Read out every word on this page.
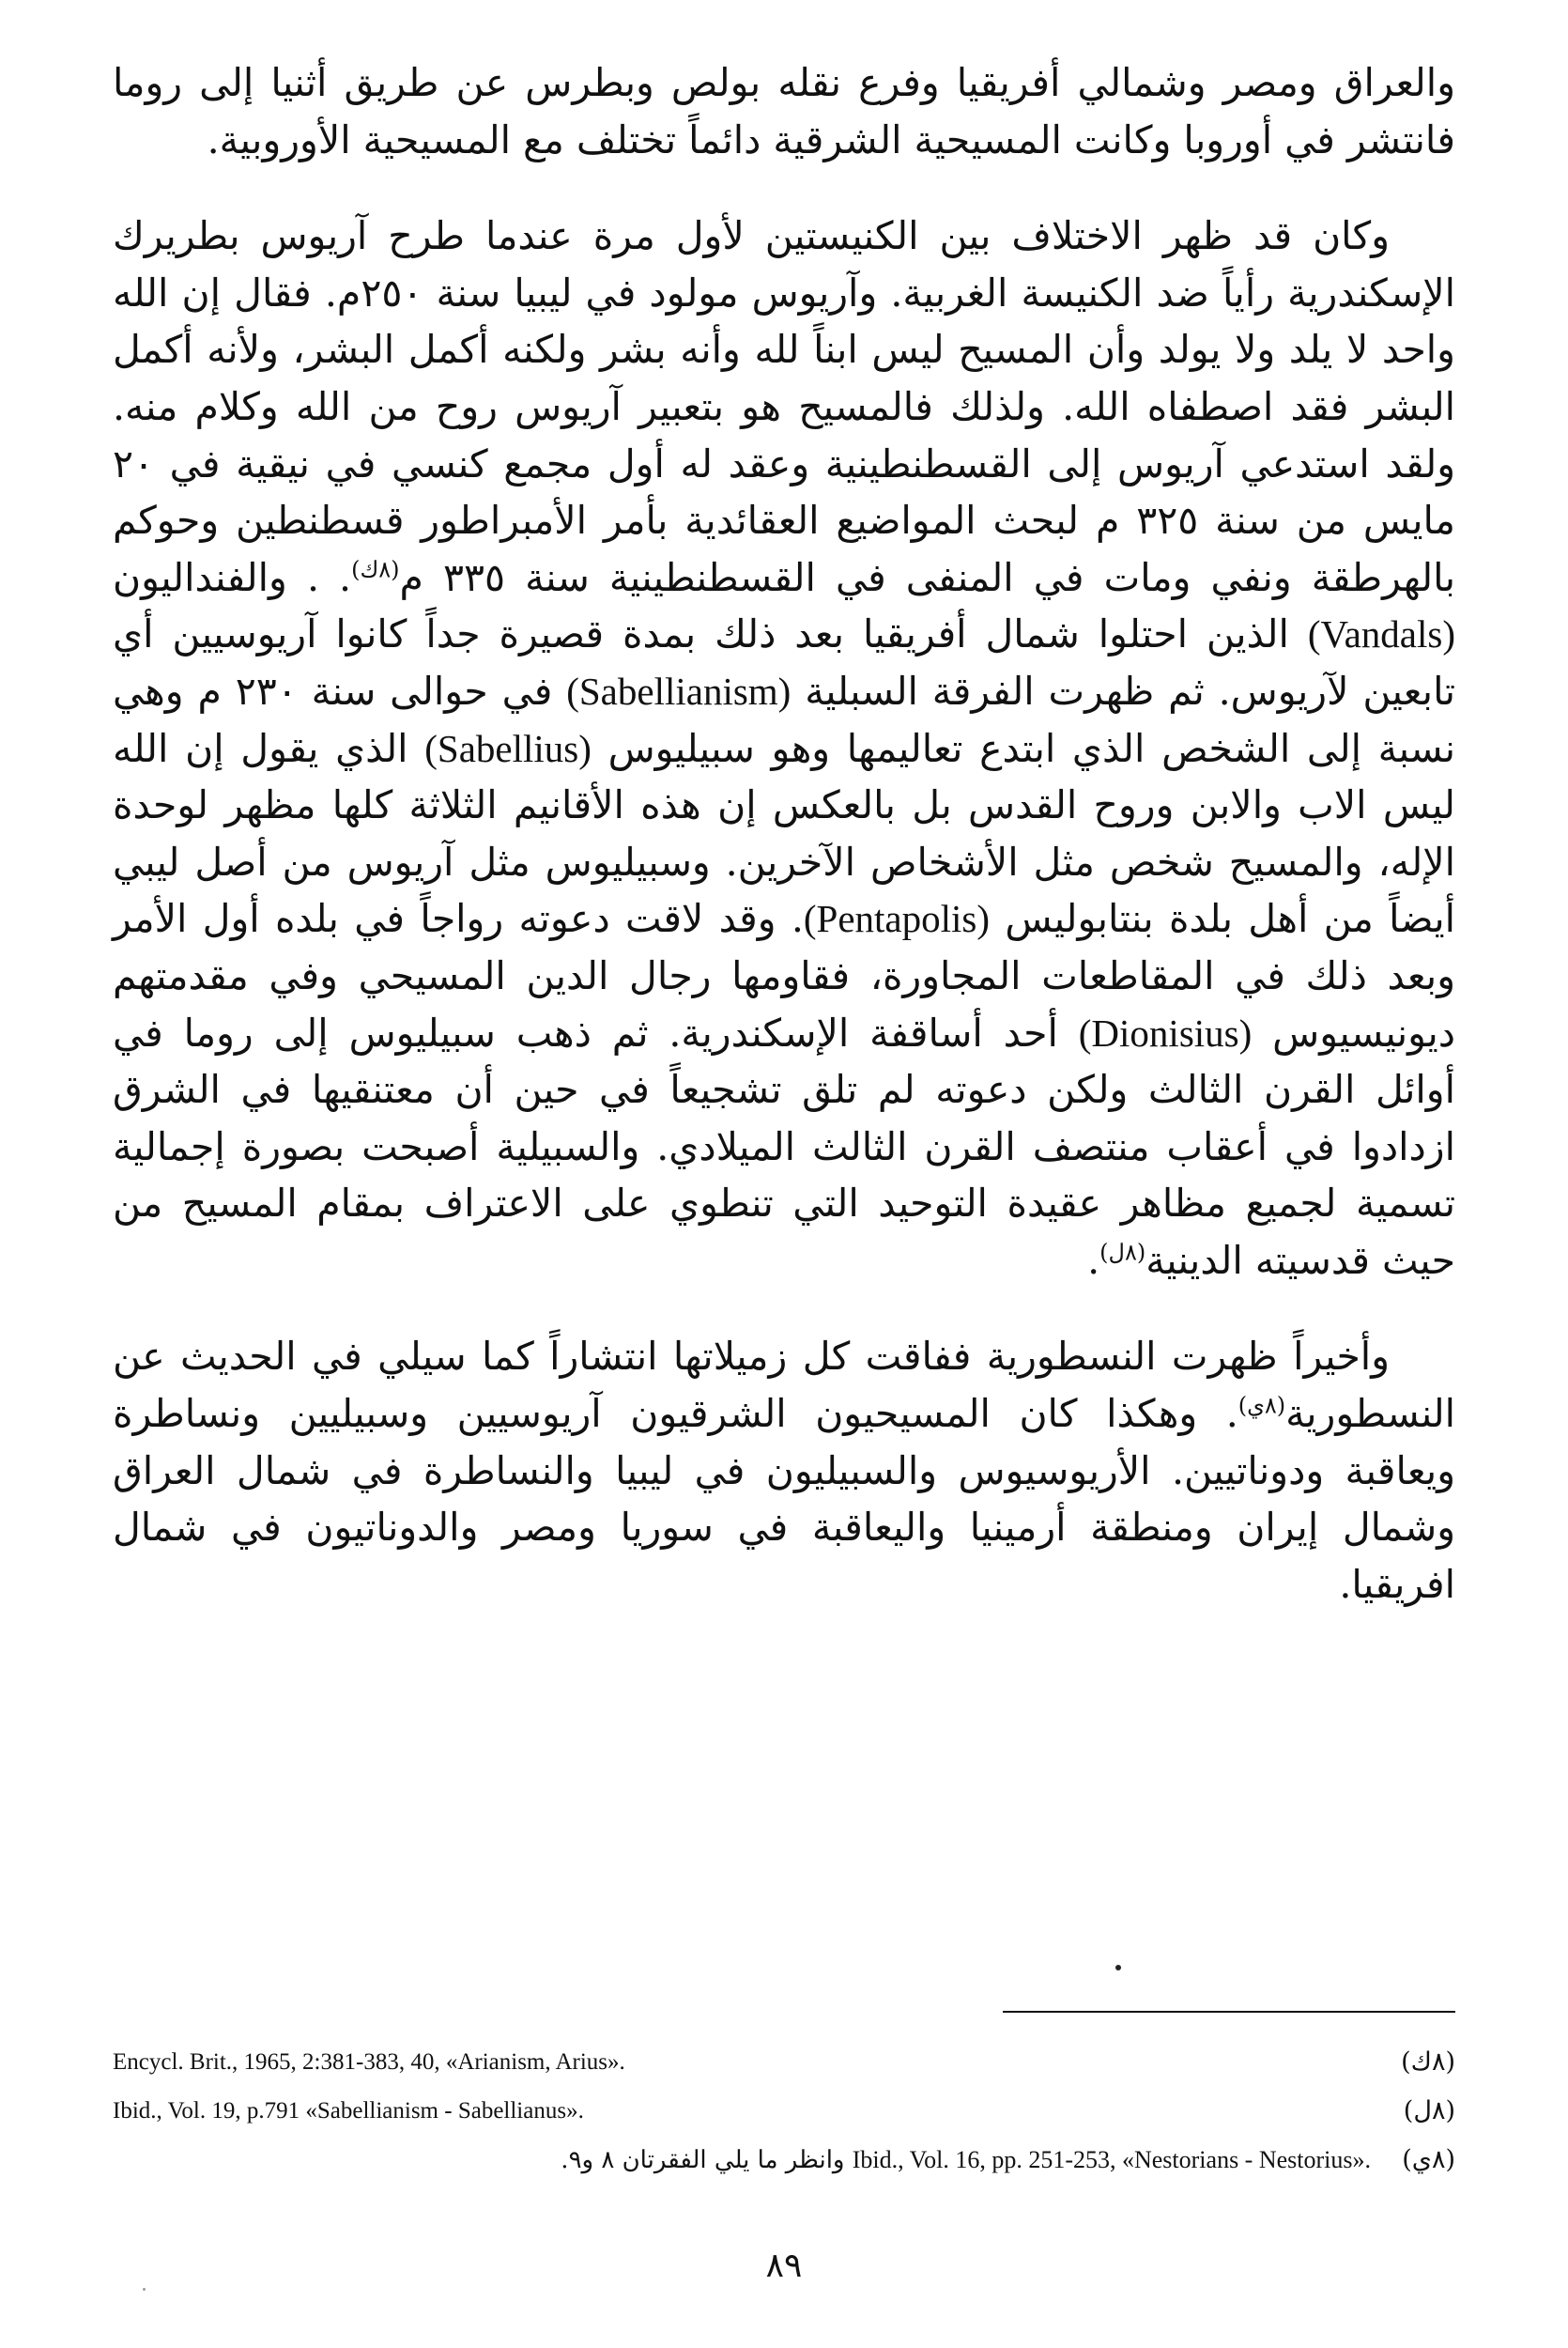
والعراق ومصر وشمالي أفريقيا وفرع نقله بولص وبطرس عن طريق أثنيا إلى روما فانتشر في أوروبا وكانت المسيحية الشرقية دائماً تختلف مع المسيحية الأوروبية.

وكان قد ظهر الاختلاف بين الكنيستين لأول مرة عندما طرح آريوس بطريرك الإسكندرية رأياً ضد الكنيسة الغربية. وآريوس مولود في ليبيا سنة ٢٥٠م. فقال إن الله واحد لا يلد ولا يولد وأن المسيح ليس ابناً لله وأنه بشر ولكنه أكمل البشر، ولأنه أكمل البشر فقد اصطفاه الله. ولذلك فالمسيح هو بتعبير آريوس روح من الله وكلام منه. ولقد استدعي آريوس إلى القسطنطينية وعقد له أول مجمع كنسي في نيقية في ٢٠ مايس من سنة ٣٢٥ م لبحث المواضيع العقائدية بأمر الأمبراطور قسطنطين وحوكم بالهرطقة ونفي ومات في المنفى في القسطنطينية سنة ٣٣٥ م$^{(٨ك)}$. . والفنداليون (Vandals) الذين احتلوا شمال أفريقيا بعد ذلك بمدة قصيرة جداً كانوا آريوسيين أي تابعين لآريوس. ثم ظهرت الفرقة السبلية (Sabellianism) في حوالى سنة ٢٣٠ م وهي نسبة إلى الشخص الذي ابتدع تعاليمها وهو سبيليوس (Sabellius) الذي يقول إن الله ليس الاب والابن وروح القدس بل بالعكس إن هذه الأقانيم الثلاثة كلها مظهر لوحدة الإله، والمسيح شخص مثل الأشخاص الآخرين. وسبيليوس مثل آريوس من أصل ليبي أيضاً من أهل بلدة بنتابوليس (Pentapolis). وقد لاقت دعوته رواجاً في بلده أول الأمر وبعد ذلك في المقاطعات المجاورة، فقاومها رجال الدين المسيحي وفي مقدمتهم ديونيسيوس (Dionisius) أحد أساقفة الإسكندرية. ثم ذهب سبيليوس إلى روما في أوائل القرن الثالث ولكن دعوته لم تلق تشجيعاً في حين أن معتنقيها في الشرق ازدادوا في أعقاب منتصف القرن الثالث الميلادي. والسبيلية أصبحت بصورة إجمالية تسمية لجميع مظاهر عقيدة التوحيد التي تنطوي على الاعتراف بمقام المسيح من حيث قدسيته الدينية$^{(٨ل)}$.

وأخيراً ظهرت النسطورية ففاقت كل زميلاتها انتشاراً كما سيلي في الحديث عن النسطورية$^{(٨ي)}$. وهكذا كان المسيحيون الشرقيون آريوسيين وسبيليين ونساطرة ويعاقبة ودوناتيين. الأريوسيوس والسبيليون في ليبيا والنساطرة في شمال العراق وشمال إيران ومنطقة أرمينيا واليعاقبة في سوريا ومصر والدوناتيون في شمال افريقيا.

Encycl. Brit., 1965, 2:381-383, 40, «Arianism, Arius».	(٨ك)
Ibid., Vol. 19, p.791 «Sabellianism - Sabellianus».	(٨ل)
Ibid., Vol. 16, pp. 251-253, «Nestorians - Nestorius». وانظر ما يلي الفقرتان ٨ و٩.	(٨ي)
٨٩
